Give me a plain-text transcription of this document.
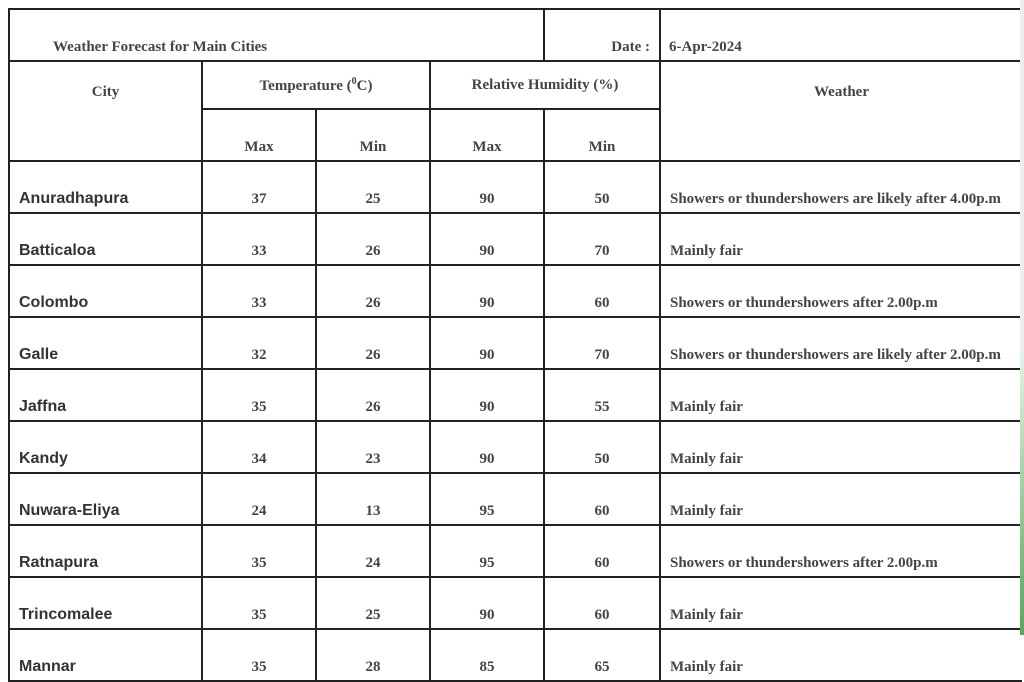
Weather Forecast for Main Cities				Date :	6-Apr-2024
City	Temperature ($^0$C)		Relative Humidity (%)		Weather
	Max	Min	Max	Min	
Anuradhapura	37	25	90	50	Showers or thundershowers are likely after 4.00p.m
Batticaloa	33	26	90	70	Mainly fair
Colombo	33	26	90	60	Showers or thundershowers after 2.00p.m
Galle	32	26	90	70	Showers or thundershowers are likely after 2.00p.m
Jaffna	35	26	90	55	Mainly fair
Kandy	34	23	90	50	Mainly fair
Nuwara-Eliya	24	13	95	60	Mainly fair
Ratnapura	35	24	95	60	Showers or thundershowers after 2.00p.m
Trincomalee	35	25	90	60	Mainly fair
Mannar	35	28	85	65	Mainly fair
